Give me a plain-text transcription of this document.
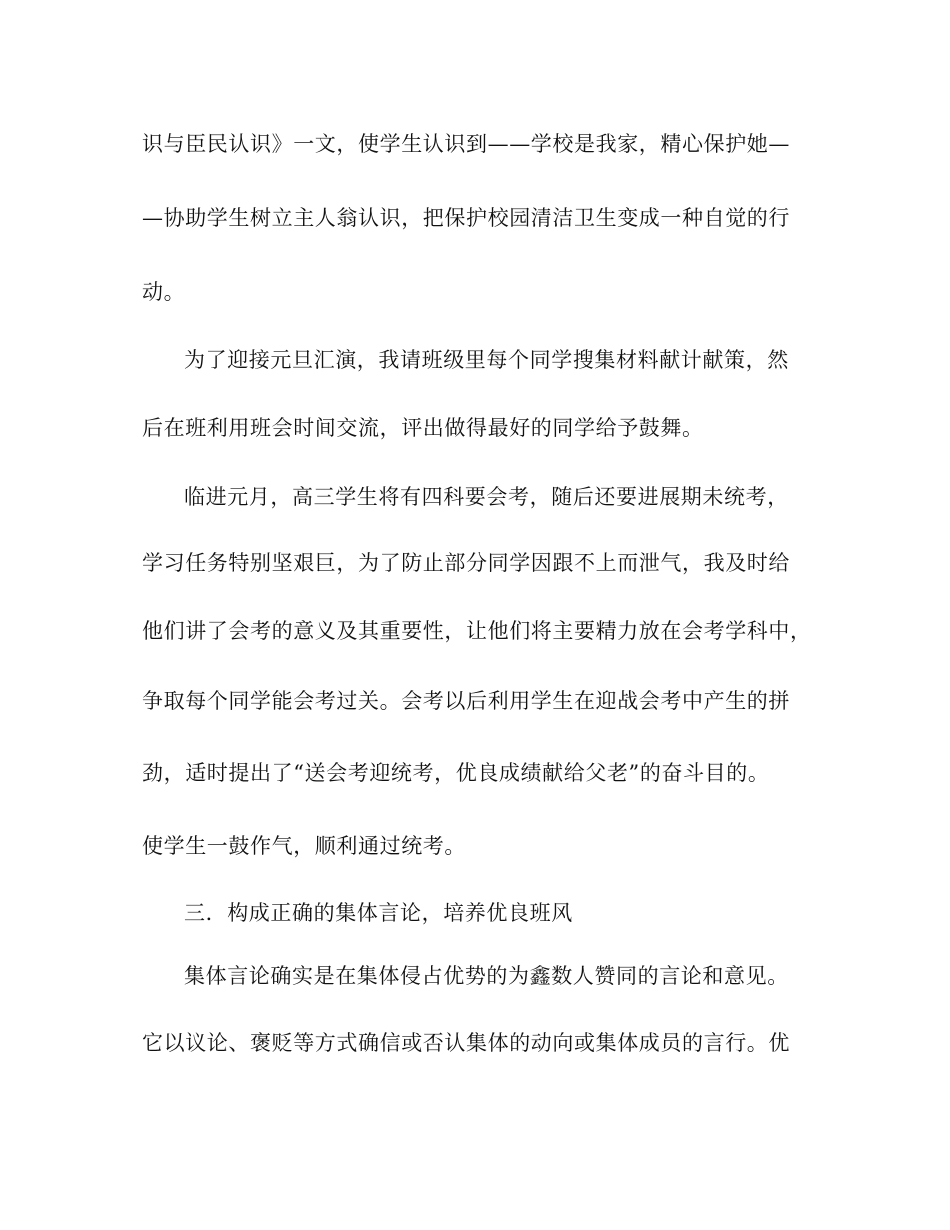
识与臣民认识》一文，使学生认识到——学校是我家，精心保护她—
—协助学生树立主人翁认识，把保护校园清洁卫生变成一种自觉的行
动。
为了迎接元旦汇演，我请班级里每个同学搜集材料献计献策，然
后在班利用班会时间交流，评出做得最好的同学给予鼓舞。
临进元月，高三学生将有四科要会考，随后还要进展期未统考，
学习任务特别坚艰巨，为了防止部分同学因跟不上而泄气，我及时给
他们讲了会考的意义及其重要性，让他们将主要精力放在会考学科中，
争取每个同学能会考过关。会考以后利用学生在迎战会考中产生的拼
劲，适时提出了“送会考迎统考，优良成绩献给父老”的奋斗目的。
使学生一鼓作气，顺利通过统考。
三．构成正确的集体言论，培养优良班风
集体言论确实是在集体侵占优势的为鑫数人赞同的言论和意见。
它以议论、褒贬等方式确信或否认集体的动向或集体成员的言行。优
